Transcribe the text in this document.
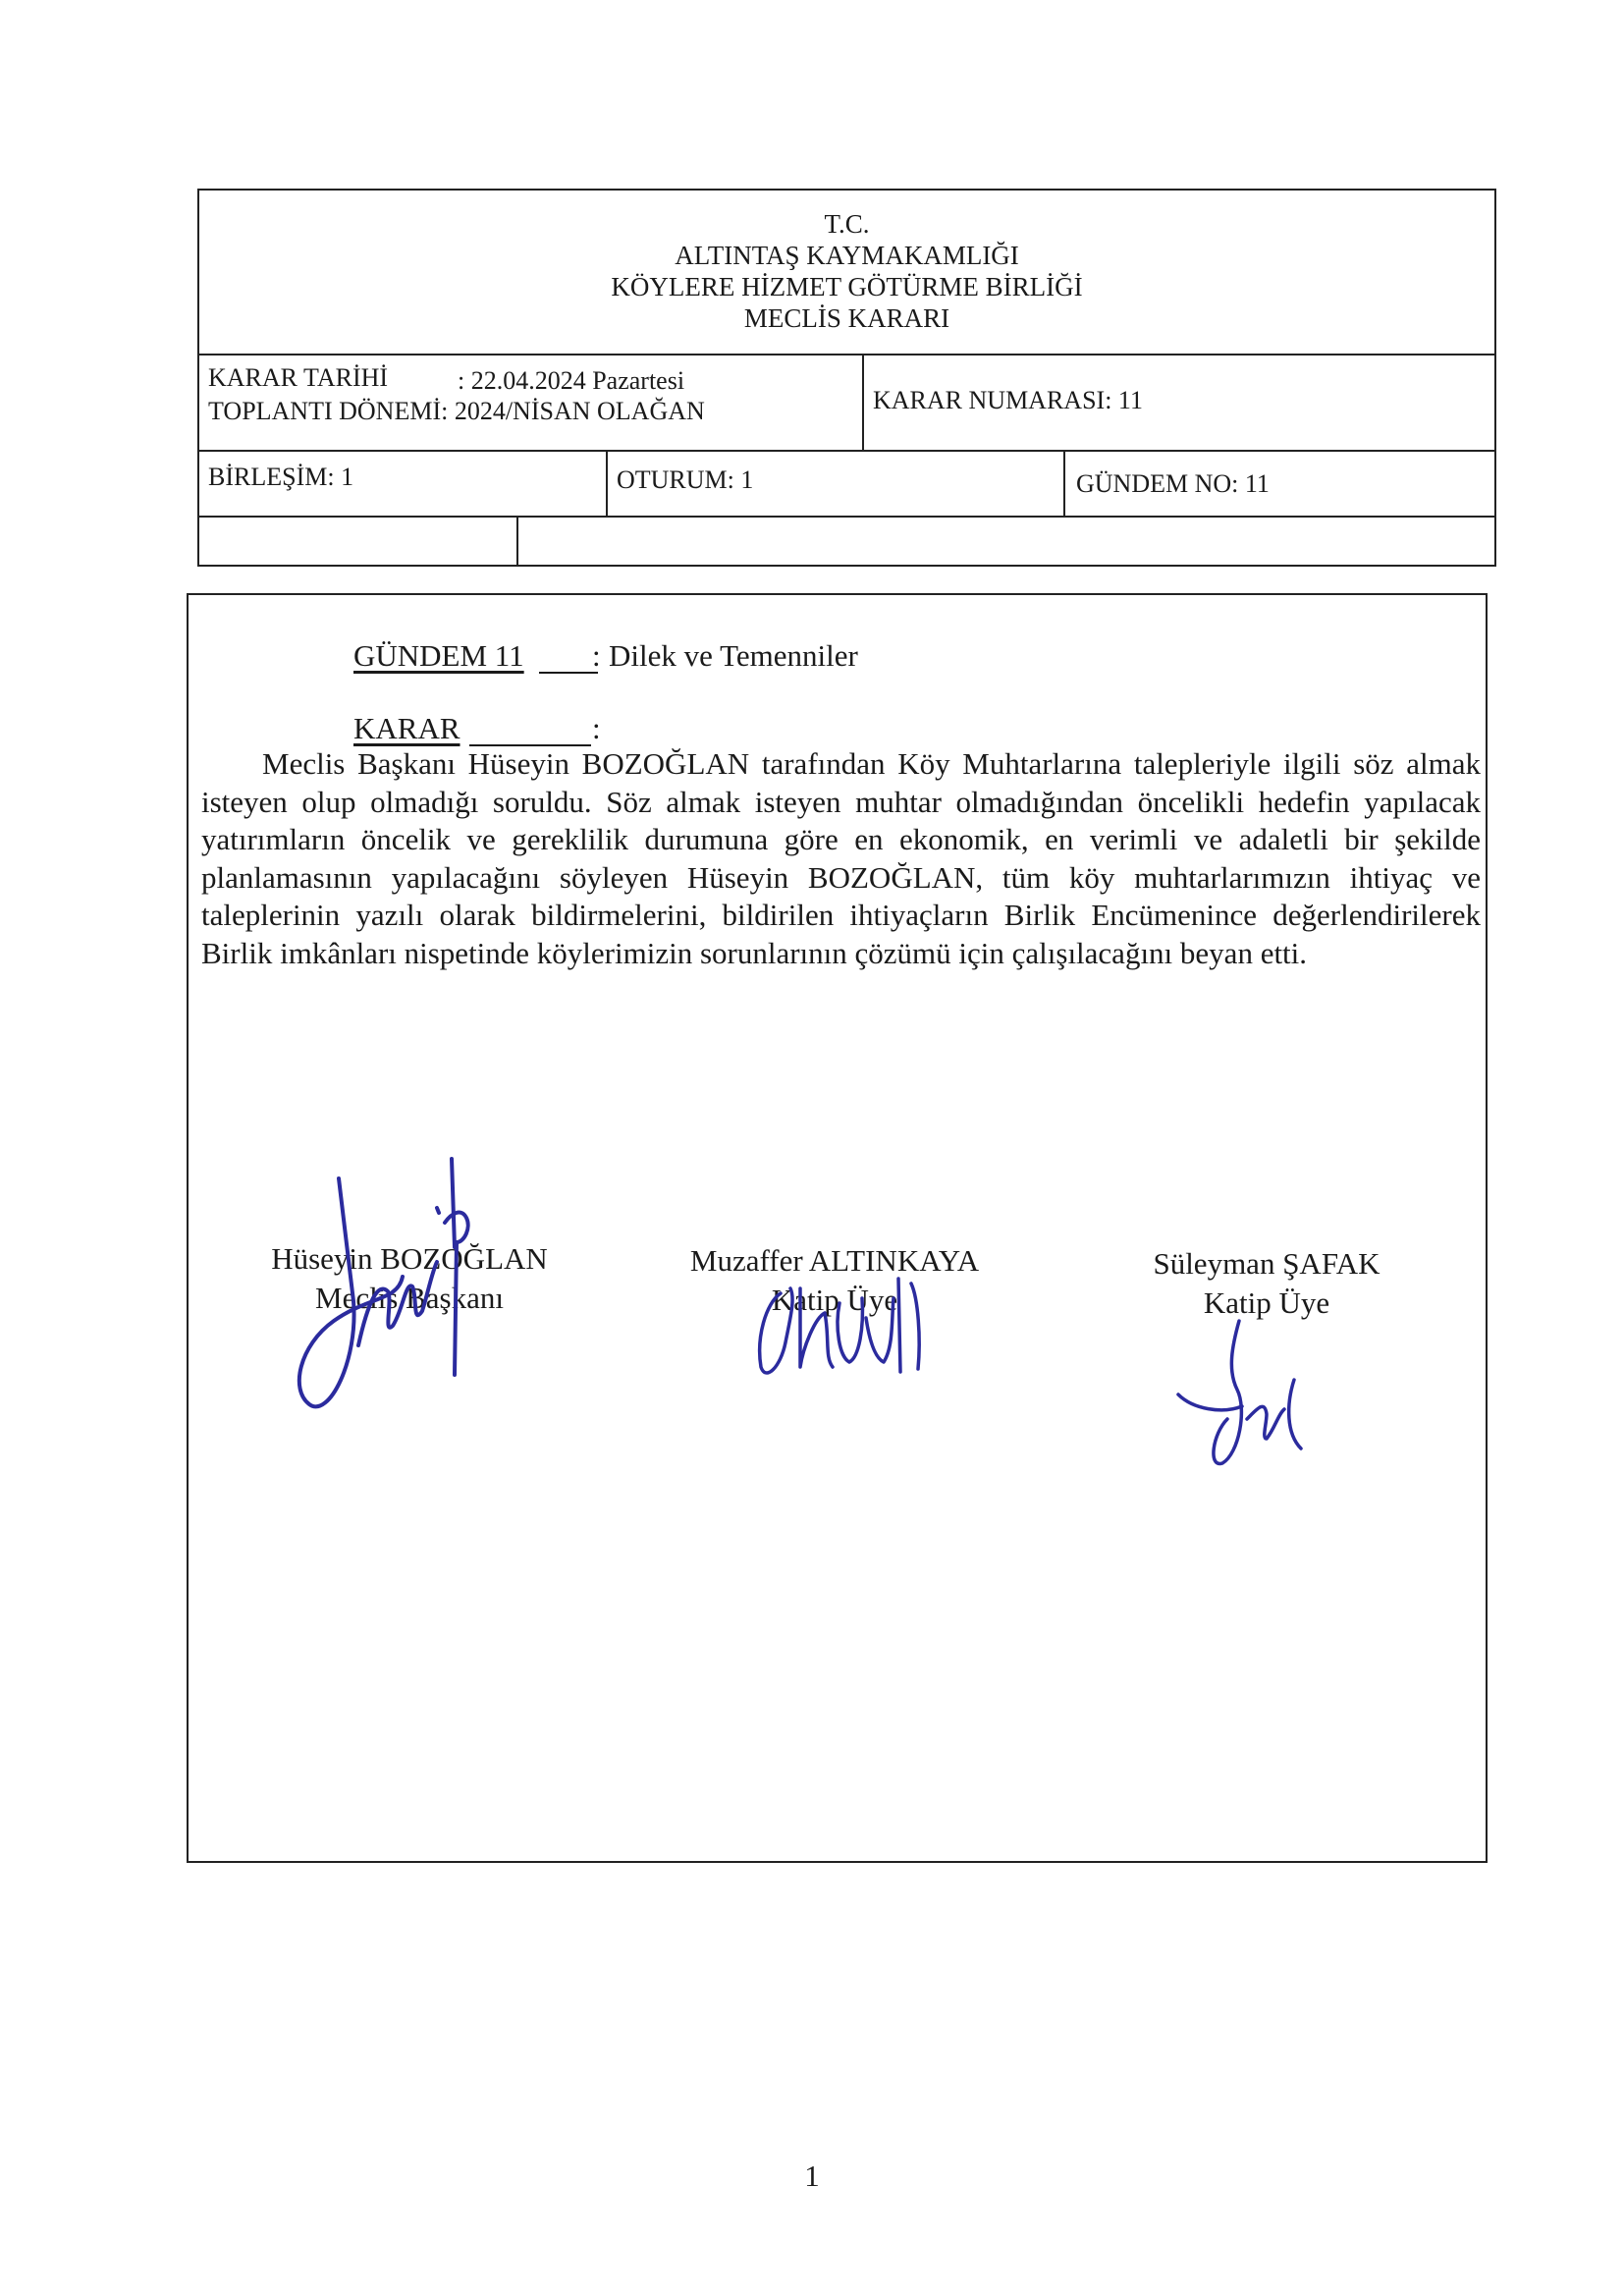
T.C.
ALTINTAŞ KAYMAKAMLIĞI
KÖYLERE HİZMET GÖTÜRME BİRLİĞİ
MECLİS KARARI
KARAR TARİHİ	: 22.04.2024 Pazartesi
TOPLANTI DÖNEMİ: 2024/NİSAN OLAĞAN	KARAR NUMARASI: 11
BİRLEŞİM: 1	OTURUM: 1	GÜNDEM NO: 11
GÜNDEM 11 : Dilek ve Temenniler
KARAR	:
Meclis Başkanı Hüseyin BOZOĞLAN tarafından Köy Muhtarlarına talepleriyle ilgili söz almak isteyen olup olmadığı soruldu. Söz almak isteyen muhtar olmadığından öncelikli hedefin yapılacak yatırımların öncelik ve gereklilik durumuna göre en ekonomik, en verimli ve adaletli bir şekilde planlamasının yapılacağını söyleyen Hüseyin BOZOĞLAN, tüm köy muhtarlarımızın ihtiyaç ve taleplerinin yazılı olarak bildirmelerini, bildirilen ihtiyaçların Birlik Encümenince değerlendirilerek Birlik imkânları nispetinde köylerimizin sorunlarının çözümü için çalışılacağını beyan etti.
Hüseyin BOZOĞLAN
Meclis Başkanı
Muzaffer ALTINKAYA
Katip Üye
Süleyman ŞAFAK
Katip Üye
1
